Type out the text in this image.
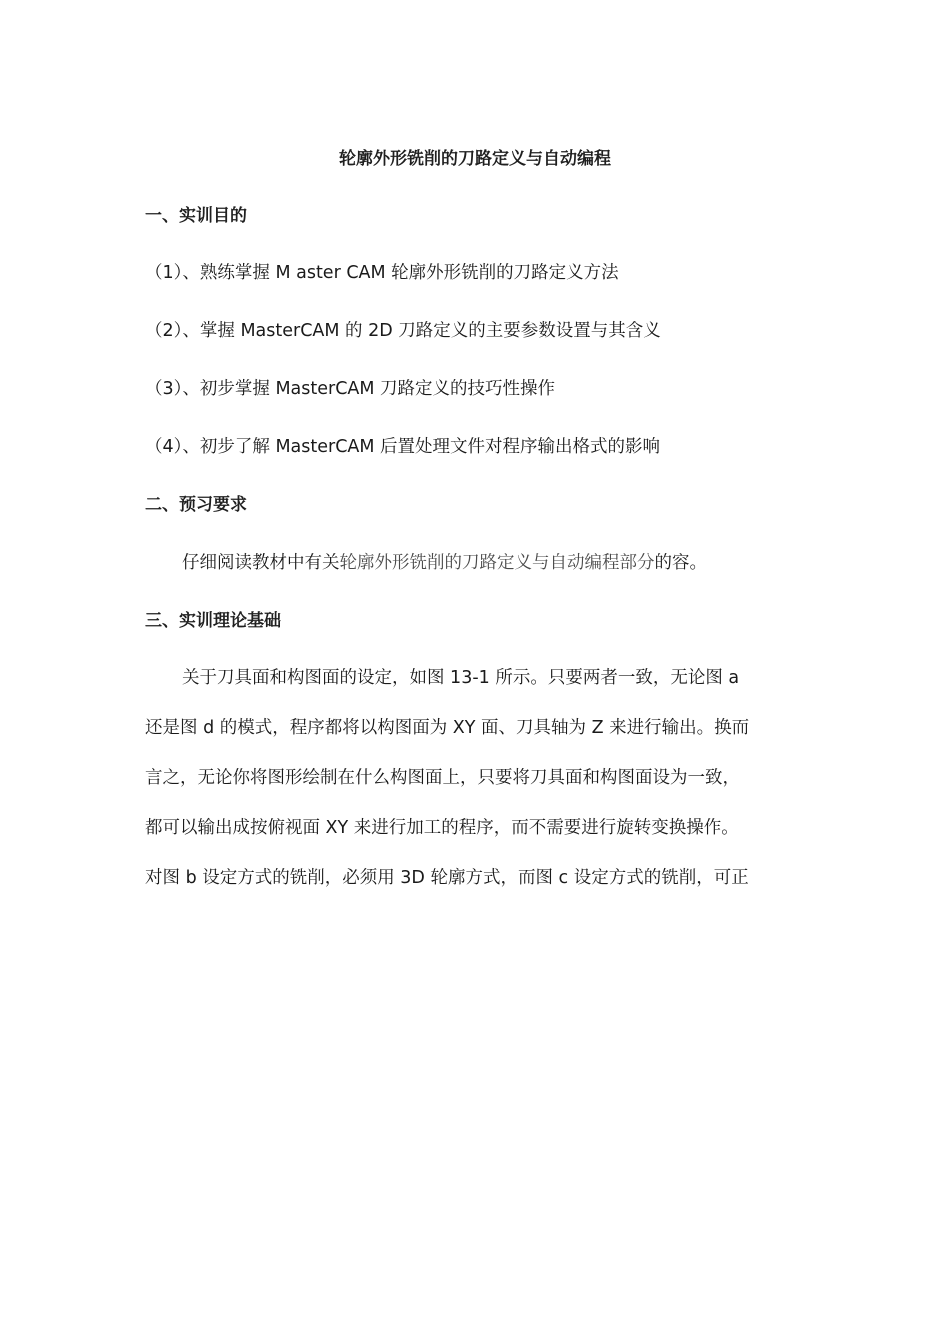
轮廓外形铣削的刀路定义与自动编程
一、实训目的
（1）、熟练掌握 M aster CAM 轮廓外形铣削的刀路定义方法
（2）、掌握 MasterCAM 的 2D 刀路定义的主要参数设置与其含义
（3）、初步掌握 MasterCAM 刀路定义的技巧性操作
（4）、初步了解 MasterCAM 后置处理文件对程序输出格式的影响
二、预习要求
仔细阅读教材中有关轮廓外形铣削的刀路定义与自动编程部分的容。
三、实训理论基础
关于刀具面和构图面的设定，如图 13-1 所示。只要两者一致，无论图 a
还是图 d 的模式，程序都将以构图面为 XY 面、刀具轴为 Z 来进行输出。换而
言之，无论你将图形绘制在什么构图面上，只要将刀具面和构图面设为一致，
都可以输出成按俯视面 XY 来进行加工的程序，而不需要进行旋转变换操作。
对图 b 设定方式的铣削，必须用 3D 轮廓方式，而图 c 设定方式的铣削，可正
